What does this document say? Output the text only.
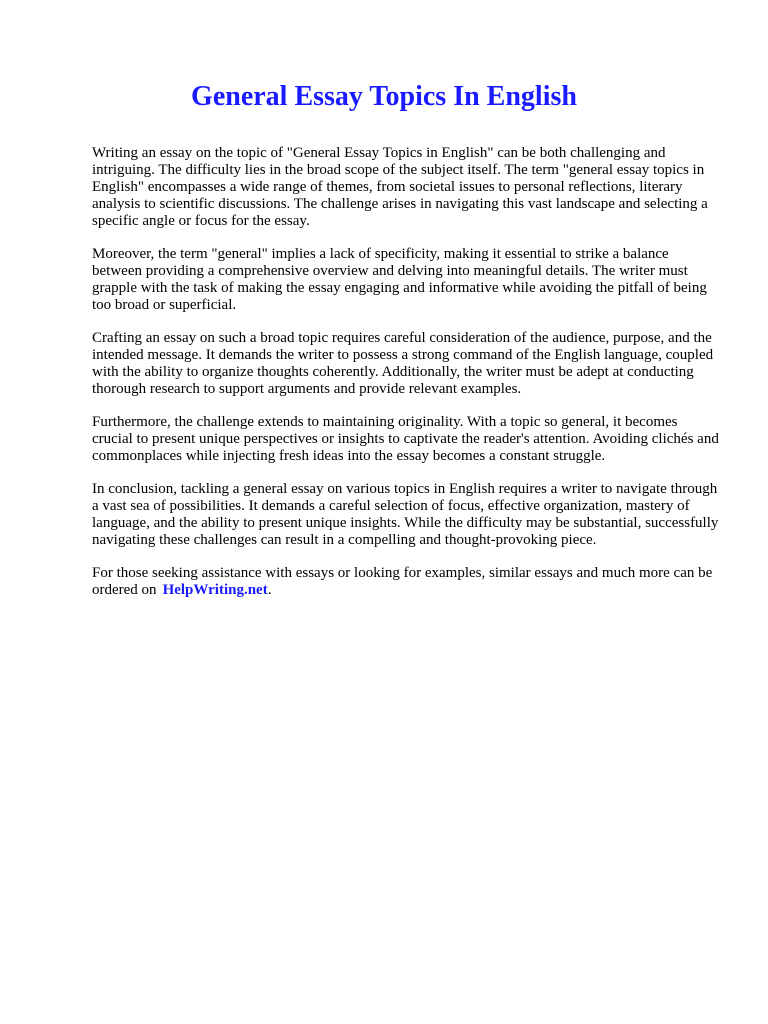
General Essay Topics In English

Writing an essay on the topic of "General Essay Topics in English" can be both challenging and intriguing. The difficulty lies in the broad scope of the subject itself. The term "general essay topics in English" encompasses a wide range of themes, from societal issues to personal reflections, literary analysis to scientific discussions. The challenge arises in navigating this vast landscape and selecting a specific angle or focus for the essay.

Moreover, the term "general" implies a lack of specificity, making it essential to strike a balance between providing a comprehensive overview and delving into meaningful details. The writer must grapple with the task of making the essay engaging and informative while avoiding the pitfall of being too broad or superficial.

Crafting an essay on such a broad topic requires careful consideration of the audience, purpose, and the intended message. It demands the writer to possess a strong command of the English language, coupled with the ability to organize thoughts coherently. Additionally, the writer must be adept at conducting thorough research to support arguments and provide relevant examples.

Furthermore, the challenge extends to maintaining originality. With a topic so general, it becomes crucial to present unique perspectives or insights to captivate the reader's attention. Avoiding clichés and commonplaces while injecting fresh ideas into the essay becomes a constant struggle.

In conclusion, tackling a general essay on various topics in English requires a writer to navigate through a vast sea of possibilities. It demands a careful selection of focus, effective organization, mastery of language, and the ability to present unique insights. While the difficulty may be substantial, successfully navigating these challenges can result in a compelling and thought-provoking piece.

For those seeking assistance with essays or looking for examples, similar essays and much more can be ordered on HelpWriting.net.
